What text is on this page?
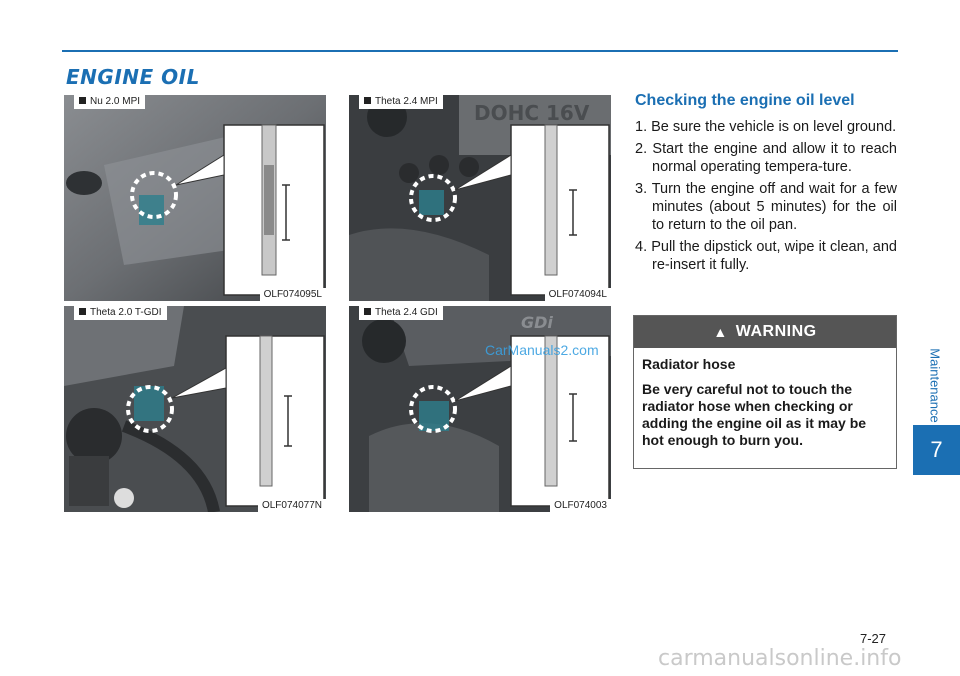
ENGINE OIL
Maintenance
7
Nu 2.0 MPI
OLF074095L
DOHC 16V
Theta 2.4 MPI
OLF074094L
Theta 2.0 T-GDI
OLF074077N
GDi
Theta 2.4 GDI
OLF074003
CarManuals2.com
Checking the engine oil level
1. Be sure the vehicle is on level ground.
2. Start the engine and allow it to reach normal operating tempera-ture.
3. Turn the engine off and wait for a few minutes (about 5 minutes) for the oil to return to the oil pan.
4. Pull the dipstick out, wipe it clean, and re-insert it fully.
▲ WARNING

Radiator hose

Be very careful not to touch the radiator hose when checking or adding the engine oil as it may be hot enough to burn you.

7-27
carmanualsonline.info
